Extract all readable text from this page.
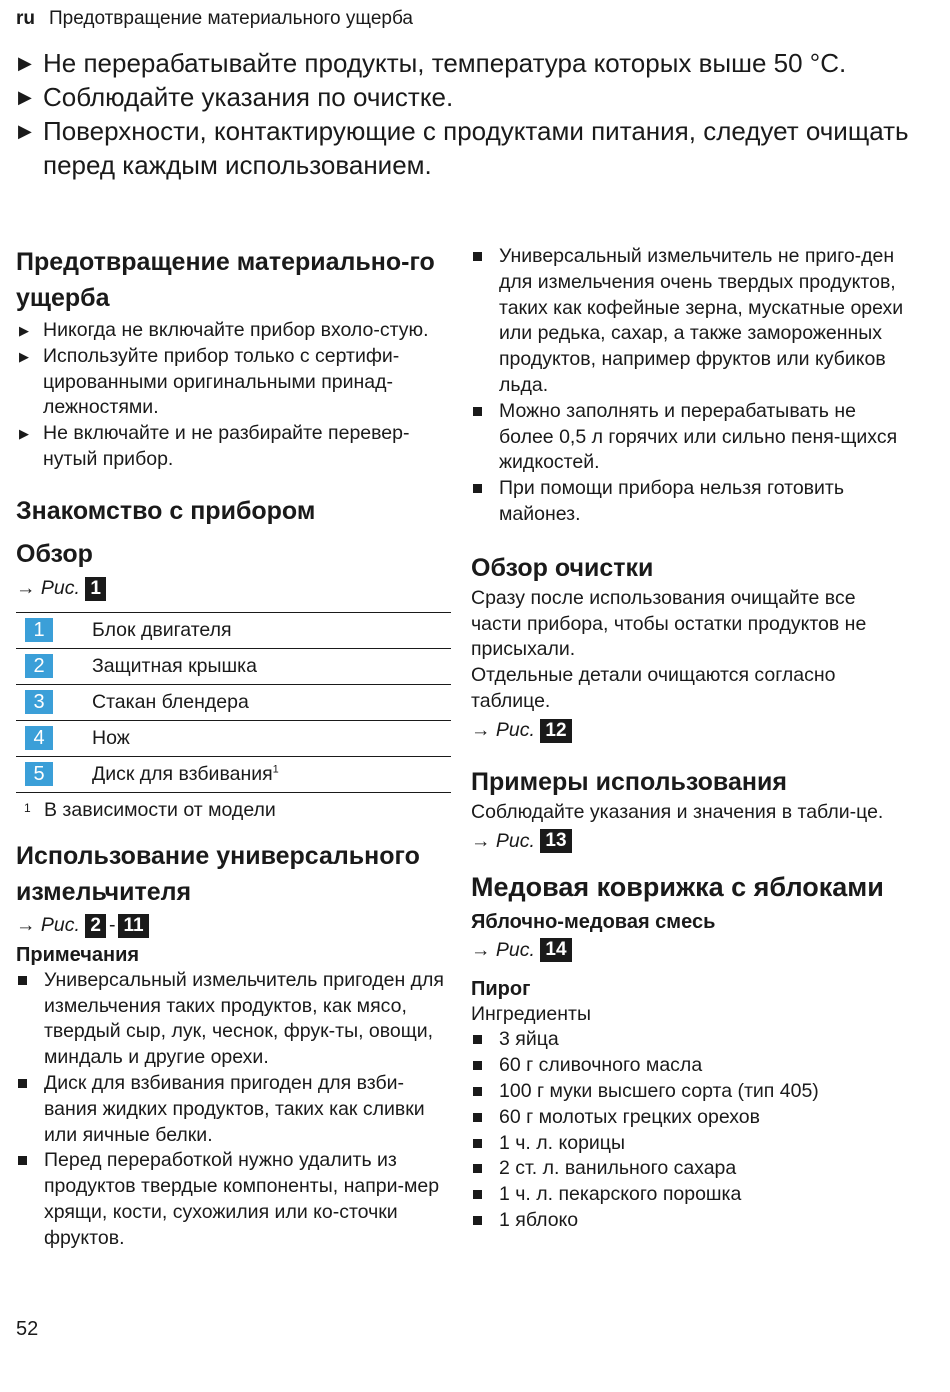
ru Предотвращение материального ущерба
▶ Не перерабатывайте продукты, температура которых выше 50 °C.
▶ Соблюдайте указания по очистке.
▶ Поверхности, контактирующие с продуктами питания, следует очищать перед каждым использованием.
Предотвращение материально-го ущерба
▶ Никогда не включайте прибор вхоло-стую.
▶ Используйте прибор только с сертифи-цированными оригинальными принад-лежностями.
▶ Не включайте и не разбирайте перевер-нутый прибор.
Знакомство с прибором
Обзор
→ Рис. 1
1	Блок двигателя
2	Защитная крышка
3	Стакан блендера
4	Нож
5	Диск для взбивания$^1$
1 В зависимости от модели
Использование универсального измельчителя
→ Рис. 2 - 11
Примечания
Универсальный измельчитель пригоден для измельчения таких продуктов, как мясо, твердый сыр, лук, чеснок, фрук-ты, овощи, миндаль и другие орехи.
Диск для взбивания пригоден для взби-вания жидких продуктов, таких как сливки или яичные белки.
Перед переработкой нужно удалить из продуктов твердые компоненты, напри-мер хрящи, кости, сухожилия или ко-сточки фруктов.
Универсальный измельчитель не приго-ден для измельчения очень твердых продуктов, таких как кофейные зерна, мускатные орехи или редька, сахар, а также замороженных продуктов, например фруктов или кубиков льда.
Можно заполнять и перерабатывать не более 0,5 л горячих или сильно пеня-щихся жидкостей.
При помощи прибора нельзя готовить майонез.
Обзор очистки

Сразу после использования очищайте все части прибора, чтобы остатки продуктов не присыхали.

Отдельные детали очищаются согласно таблице.

→ Рис. 12
Примеры использования

Соблюдайте указания и значения в табли-це.

→ Рис. 13
Медовая коврижка с яблоками
Яблочно-медовая смесь
→ Рис. 14
Пирог

Ингредиенты

3 яйца
60 г сливочного масла
100 г муки высшего сорта (тип 405)
60 г молотых грецких орехов
1 ч. л. корицы
2 ст. л. ванильного сахара
1 ч. л. пекарского порошка
1 яблоко
52
